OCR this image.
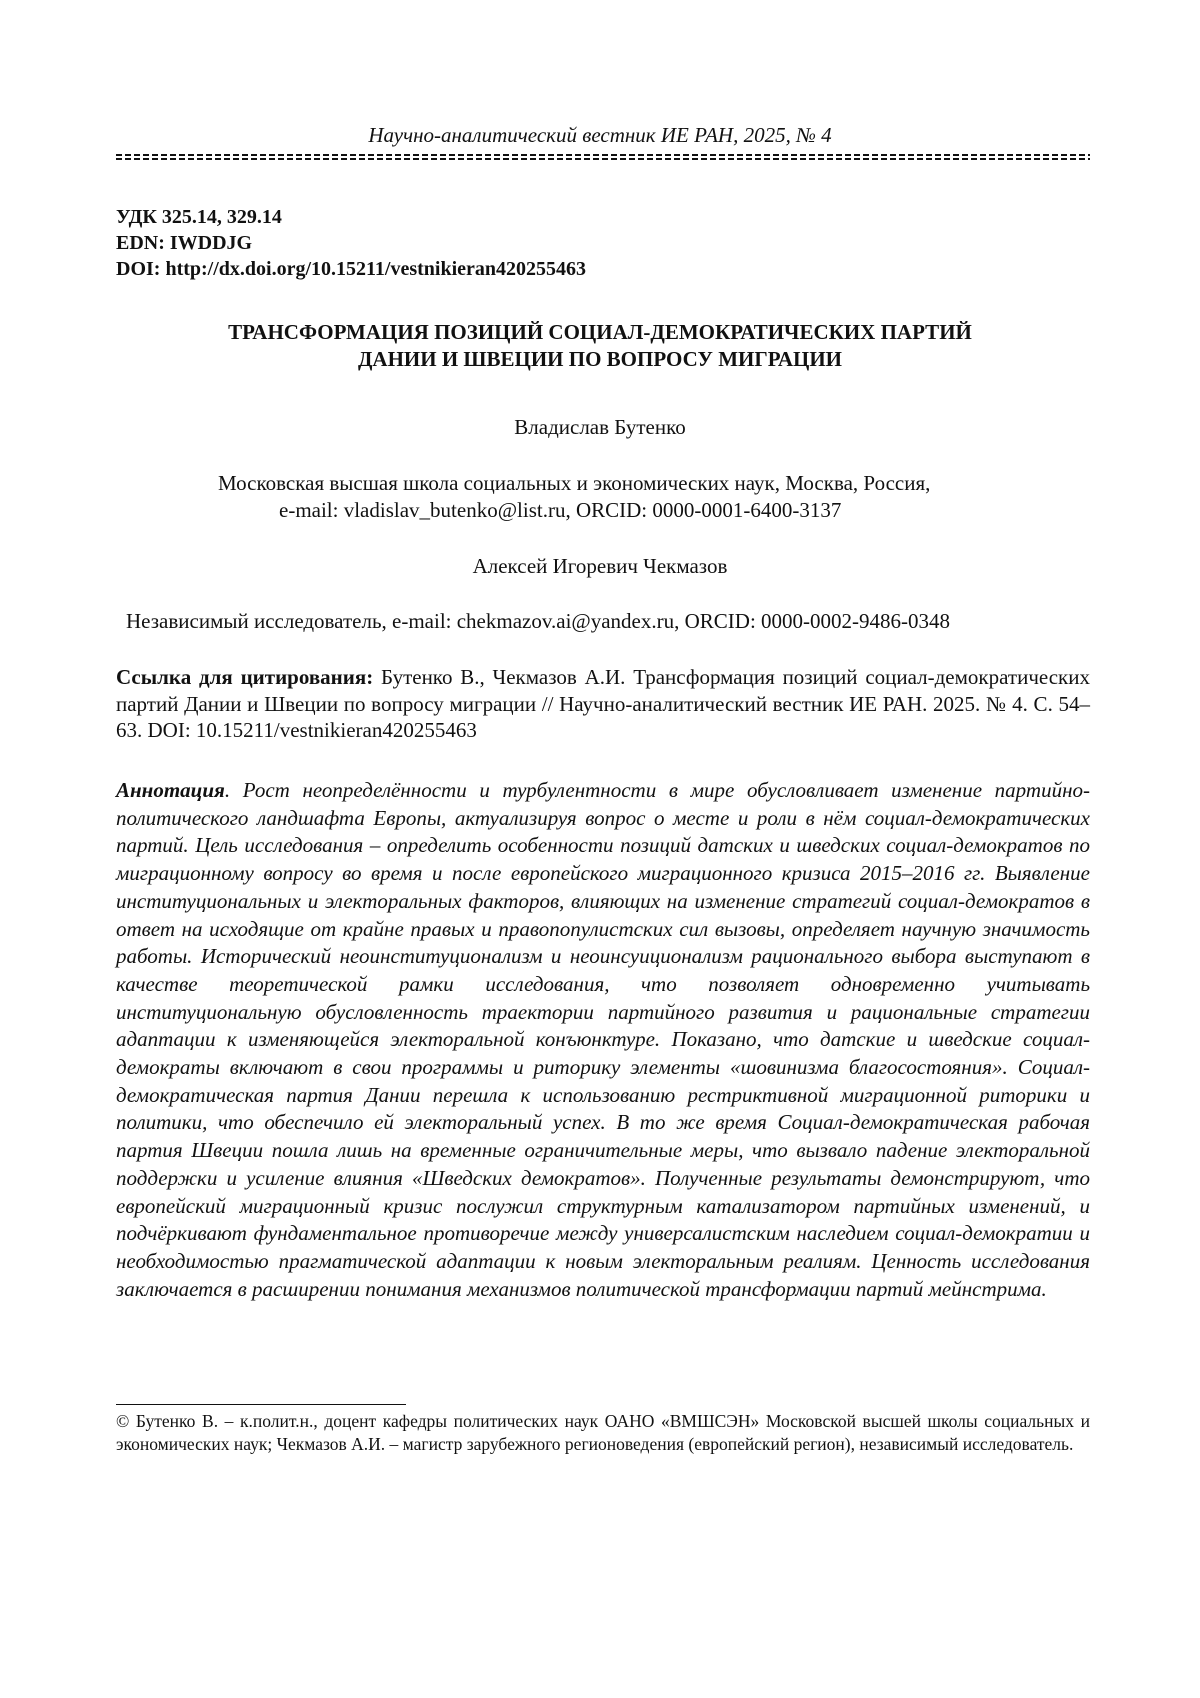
Научно-аналитический вестник ИЕ РАН, 2025, № 4
УДК 325.14, 329.14
EDN: IWDDJG
DOI: http://dx.doi.org/10.15211/vestnikieran420255463
ТРАНСФОРМАЦИЯ ПОЗИЦИЙ СОЦИАЛ-ДЕМОКРАТИЧЕСКИХ ПАРТИЙ
ДАНИИ И ШВЕЦИИ ПО ВОПРОСУ МИГРАЦИИ
Владислав Бутенко
Московская высшая школа социальных и экономических наук, Москва, Россия,
e-mail: vladislav_butenko@list.ru, ORCID: 0000-0001-6400-3137
Алексей Игоревич Чекмазов
Независимый исследователь, e-mail: chekmazov.ai@yandex.ru, ORCID: 0000-0002-9486-0348
Ссылка для цитирования: Бутенко В., Чекмазов А.И. Трансформация позиций социал-демократических партий Дании и Швеции по вопросу миграции // Научно-аналитический вестник ИЕ РАН. 2025. № 4. С. 54–63. DOI: 10.15211/vestnikieran420255463
Аннотация. Рост неопределённости и турбулентности в мире обусловливает изменение партийно-политического ландшафта Европы, актуализируя вопрос о месте и роли в нём социал-демократических партий. Цель исследования – определить особенности позиций датских и шведских социал-демократов по миграционному вопросу во время и после европейского миграционного кризиса 2015–2016 гг. Выявление институциональных и электоральных факторов, влияющих на изменение стратегий социал-демократов в ответ на исходящие от крайне правых и правопопулистских сил вызовы, определяет научную значимость работы. Исторический неоинституционализм и неоинсуиционализм рационального выбора выступают в качестве теоретической рамки исследования, что позволяет одновременно учитывать институциональную обусловленность траектории партийного развития и рациональные стратегии адаптации к изменяющейся электоральной конъюнктуре. Показано, что датские и шведские социал-демократы включают в свои программы и риторику элементы «шовинизма благосостояния». Социал-демократическая партия Дании перешла к использованию рестриктивной миграционной риторики и политики, что обеспечило ей электоральный успех. В то же время Социал-демократическая рабочая партия Швеции пошла лишь на временные ограничительные меры, что вызвало падение электоральной поддержки и усиление влияния «Шведских демократов». Полученные результаты демонстрируют, что европейский миграционный кризис послужил структурным катализатором партийных изменений, и подчёркивают фундаментальное противоречие между универсалистским наследием социал-демократии и необходимостью прагматической адаптации к новым электоральным реалиям. Ценность исследования заключается в расширении понимания механизмов политической трансформации партий мейнстрима.
© Бутенко В. – к.полит.н., доцент кафедры политических наук ОАНО «ВМШСЭН» Московской высшей школы социальных и экономических наук; Чекмазов А.И. – магистр зарубежного регионоведения (европейский регион), независимый исследователь.
